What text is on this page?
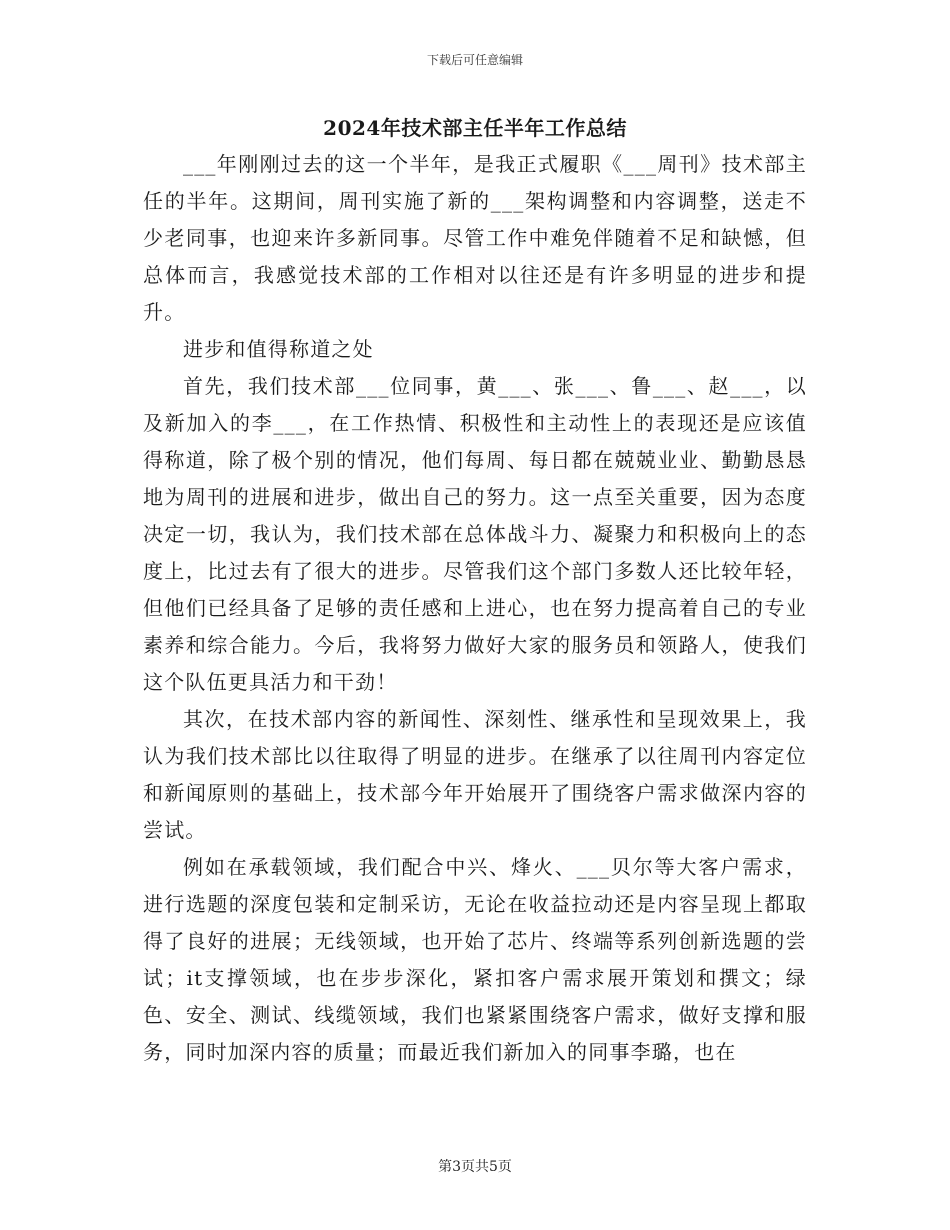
下载后可任意编辑
2024年技术部主任半年工作总结

___年刚刚过去的这一个半年，是我正式履职《___周刊》技术部主任的半年。这期间，周刊实施了新的___架构调整和内容调整，送走不少老同事，也迎来许多新同事。尽管工作中难免伴随着不足和缺憾，但总体而言，我感觉技术部的工作相对以往还是有许多明显的进步和提升。

进步和值得称道之处

首先，我们技术部___位同事，黄___、张___、鲁___、赵___，以及新加入的李___，在工作热情、积极性和主动性上的表现还是应该值得称道，除了极个别的情况，他们每周、每日都在兢兢业业、勤勤恳恳地为周刊的进展和进步，做出自己的努力。这一点至关重要，因为态度决定一切，我认为，我们技术部在总体战斗力、凝聚力和积极向上的态度上，比过去有了很大的进步。尽管我们这个部门多数人还比较年轻，但他们已经具备了足够的责任感和上进心，也在努力提高着自己的专业素养和综合能力。今后，我将努力做好大家的服务员和领路人，使我们这个队伍更具活力和干劲！

其次，在技术部内容的新闻性、深刻性、继承性和呈现效果上，我认为我们技术部比以往取得了明显的进步。在继承了以往周刊内容定位和新闻原则的基础上，技术部今年开始展开了围绕客户需求做深内容的尝试。

例如在承载领域，我们配合中兴、烽火、___贝尔等大客户需求，进行选题的深度包装和定制采访，无论在收益拉动还是内容呈现上都取得了良好的进展；无线领域，也开始了芯片、终端等系列创新选题的尝试；it支撑领域，也在步步深化，紧扣客户需求展开策划和撰文；绿色、安全、测试、线缆领域，我们也紧紧围绕客户需求，做好支撑和服务，同时加深内容的质量；而最近我们新加入的同事李璐，也在

第3页共5页
